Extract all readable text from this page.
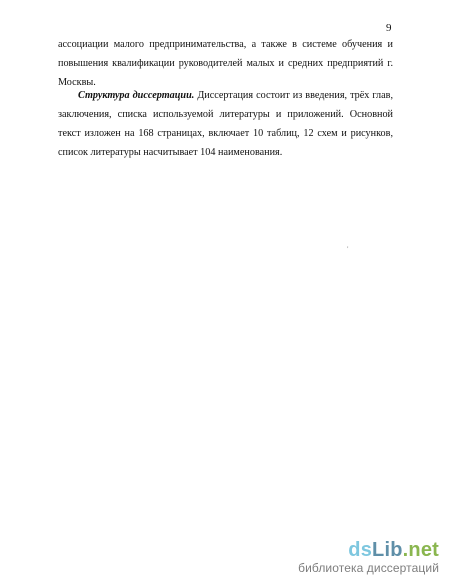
9
ассоциации малого предпринимательства, а также в системе обучения и
повышения квалификации руководителей малых и средних предприятий г.
Москвы.
Структура диссертации. Диссертация состоит из введения, трёх глав,
заключения, списка используемой литературы и приложений. Основной
текст изложен на 168 страницах, включает 10 таблиц, 12 схем и рисунков,
список литературы насчитывает 104 наименования.
,
dsLib.net
библиотека диссертаций
